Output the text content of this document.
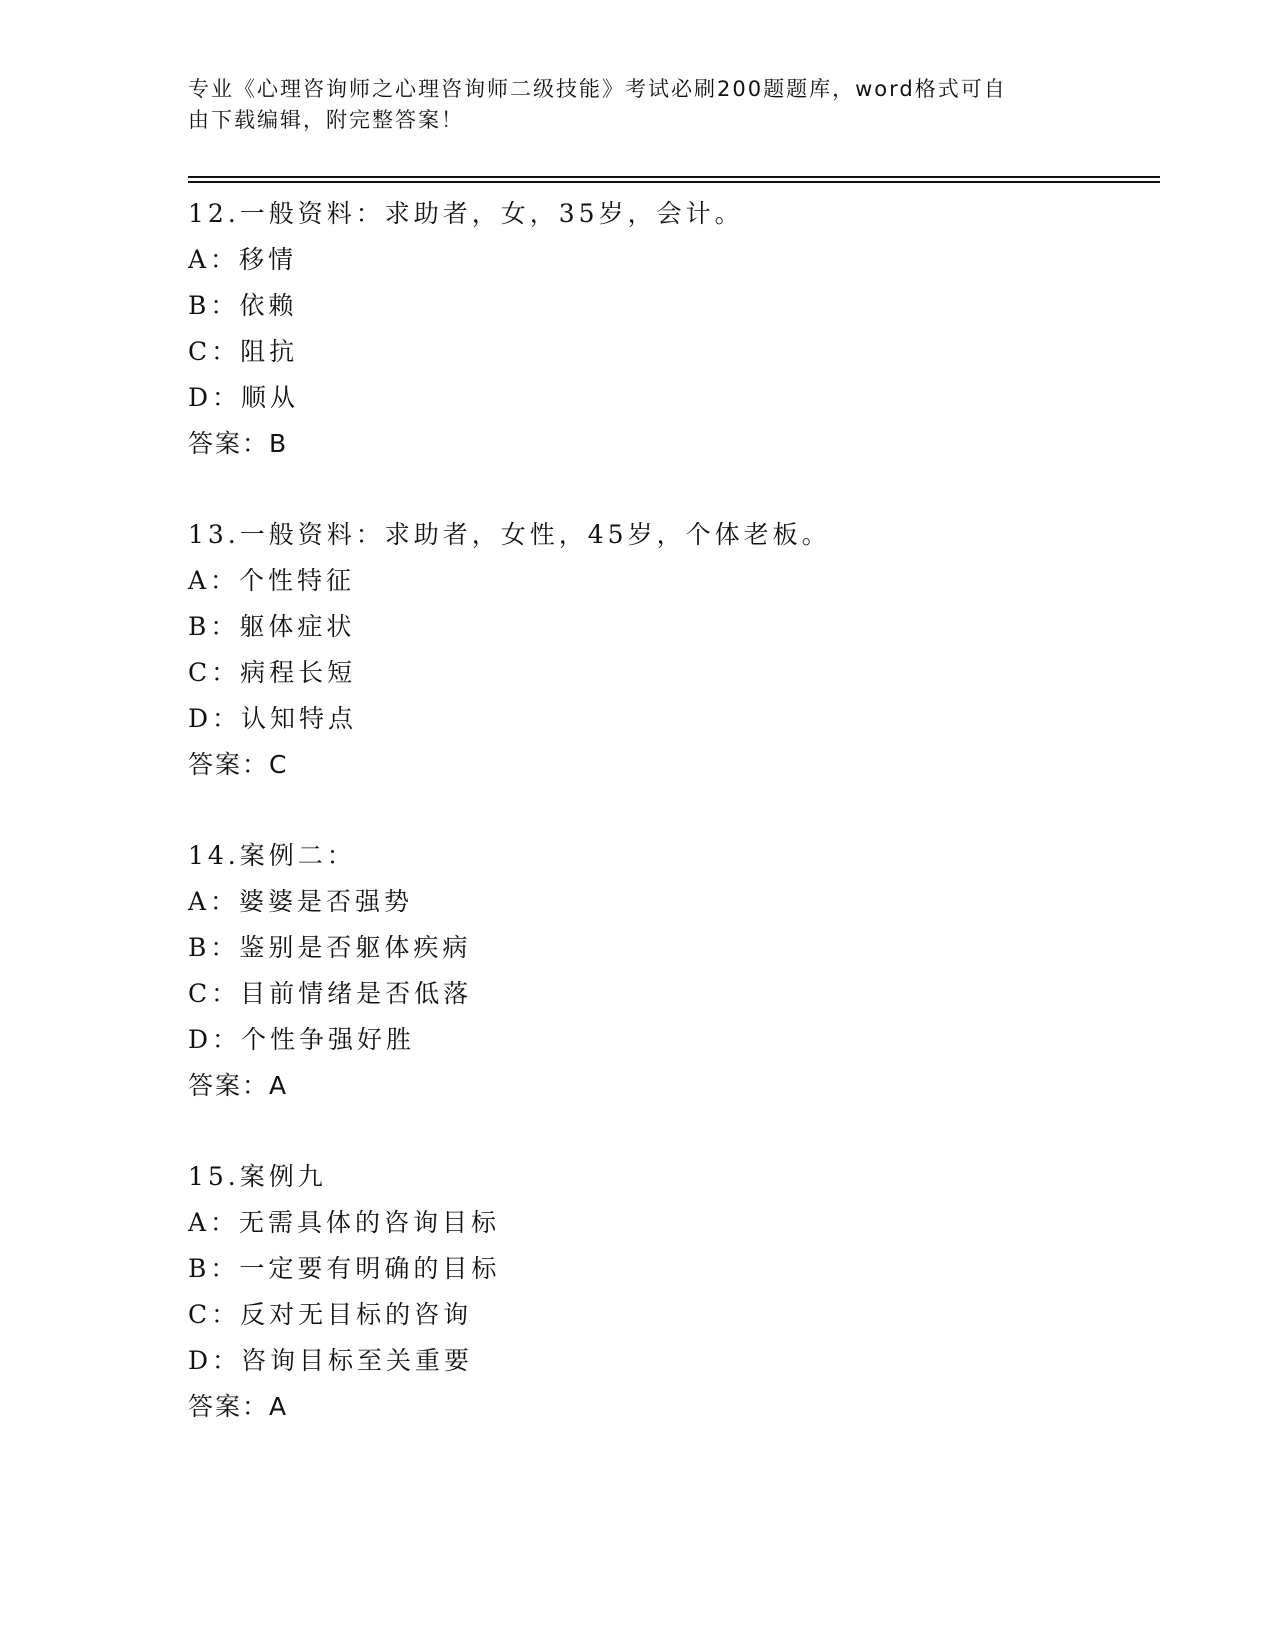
专业《心理咨询师之心理咨询师二级技能》考试必刷200题题库，word格式可自
由下载编辑，附完整答案！
12.一般资料：求助者，女，35岁，会计。
A：移情
B：依赖
C：阻抗
D：顺从
答案：B
13.一般资料：求助者，女性，45岁，个体老板。
A：个性特征
B：躯体症状
C：病程长短
D：认知特点
答案：C
14.案例二：
A：婆婆是否强势
B：鉴别是否躯体疾病
C：目前情绪是否低落
D：个性争强好胜
答案：A
15.案例九
A：无需具体的咨询目标
B：一定要有明确的目标
C：反对无目标的咨询
D：咨询目标至关重要
答案：A
